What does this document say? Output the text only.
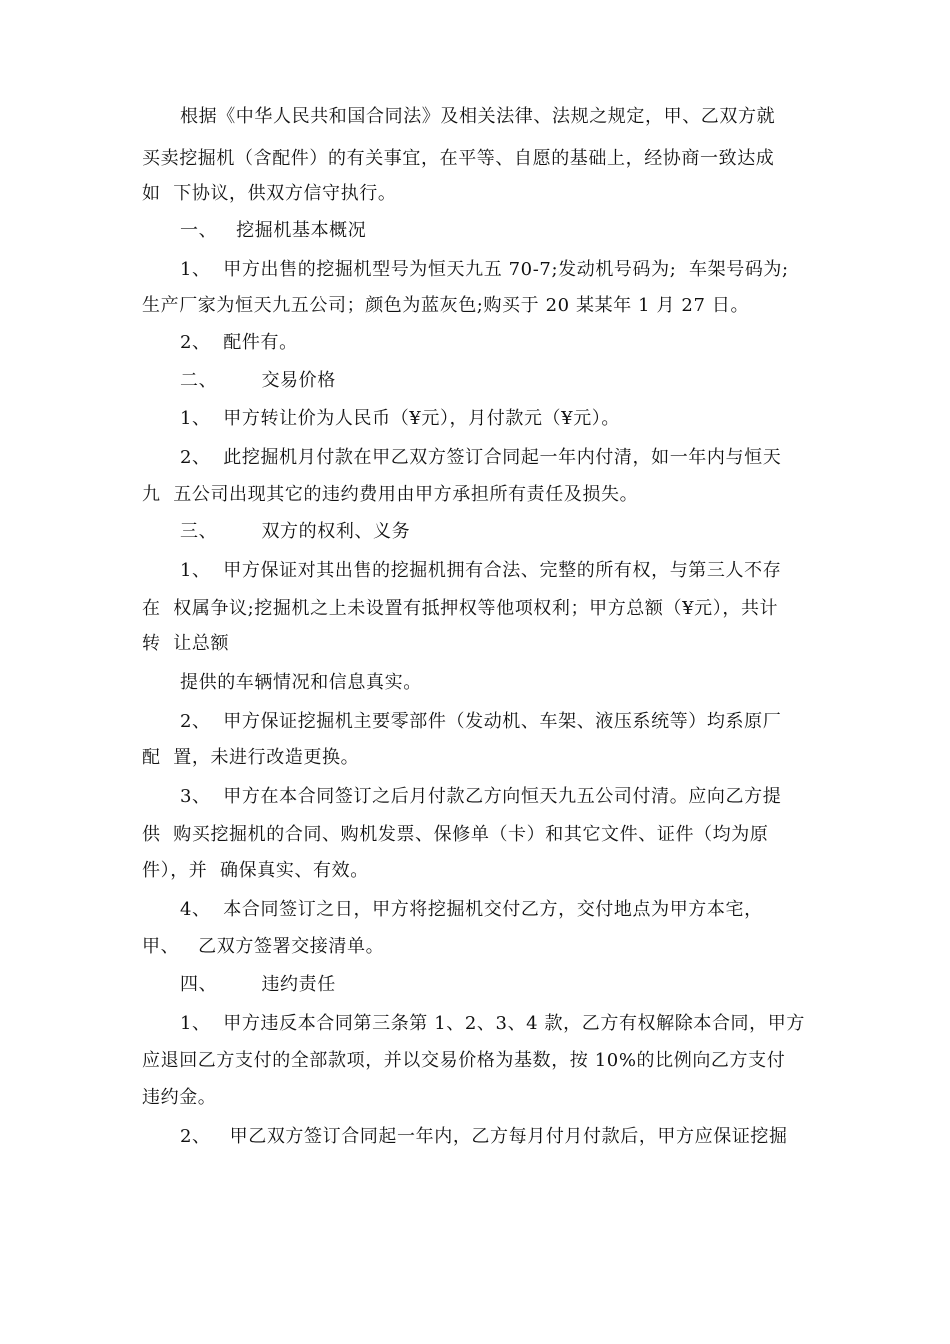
根据《中华人民共和国合同法》及相关法律、法规之规定，甲、乙双方就
买卖挖掘机（含配件）的有关事宜，在平等、自愿的基础上，经协商一致达成
如  下协议，供双方信守执行。
一、   挖掘机基本概况
1、  甲方出售的挖掘机型号为恒天九五 70-7;发动机号码为;  车架号码为;
生产厂家为恒天九五公司；颜色为蓝灰色;购买于 20 某某年 1 月 27 日。
2、  配件有。
二、       交易价格
1、  甲方转让价为人民币（¥元），月付款元（¥元）。
2、  此挖掘机月付款在甲乙双方签订合同起一年内付清，如一年内与恒天
九  五公司出现其它的违约费用由甲方承担所有责任及损失。
三、       双方的权利、义务
1、  甲方保证对其出售的挖掘机拥有合法、完整的所有权，与第三人不存
在  权属争议;挖掘机之上未设置有抵押权等他项权利；甲方总额（¥元），共计
转  让总额
提供的车辆情况和信息真实。
2、  甲方保证挖掘机主要零部件（发动机、车架、液压系统等）均系原厂
配  置，未进行改造更换。
3、  甲方在本合同签订之后月付款乙方向恒天九五公司付清。应向乙方提
供  购买挖掘机的合同、购机发票、保修单（卡）和其它文件、证件（均为原
件），并  确保真实、有效。
4、  本合同签订之日，甲方将挖掘机交付乙方，交付地点为甲方本宅，
甲、   乙双方签署交接清单。
四、       违约责任
1、  甲方违反本合同第三条第 1、2、3、4 款，乙方有权解除本合同，甲方
应退回乙方支付的全部款项，并以交易价格为基数，按 10%的比例向乙方支付
违约金。
2、   甲乙双方签订合同起一年内，乙方每月付月付款后，甲方应保证挖掘
